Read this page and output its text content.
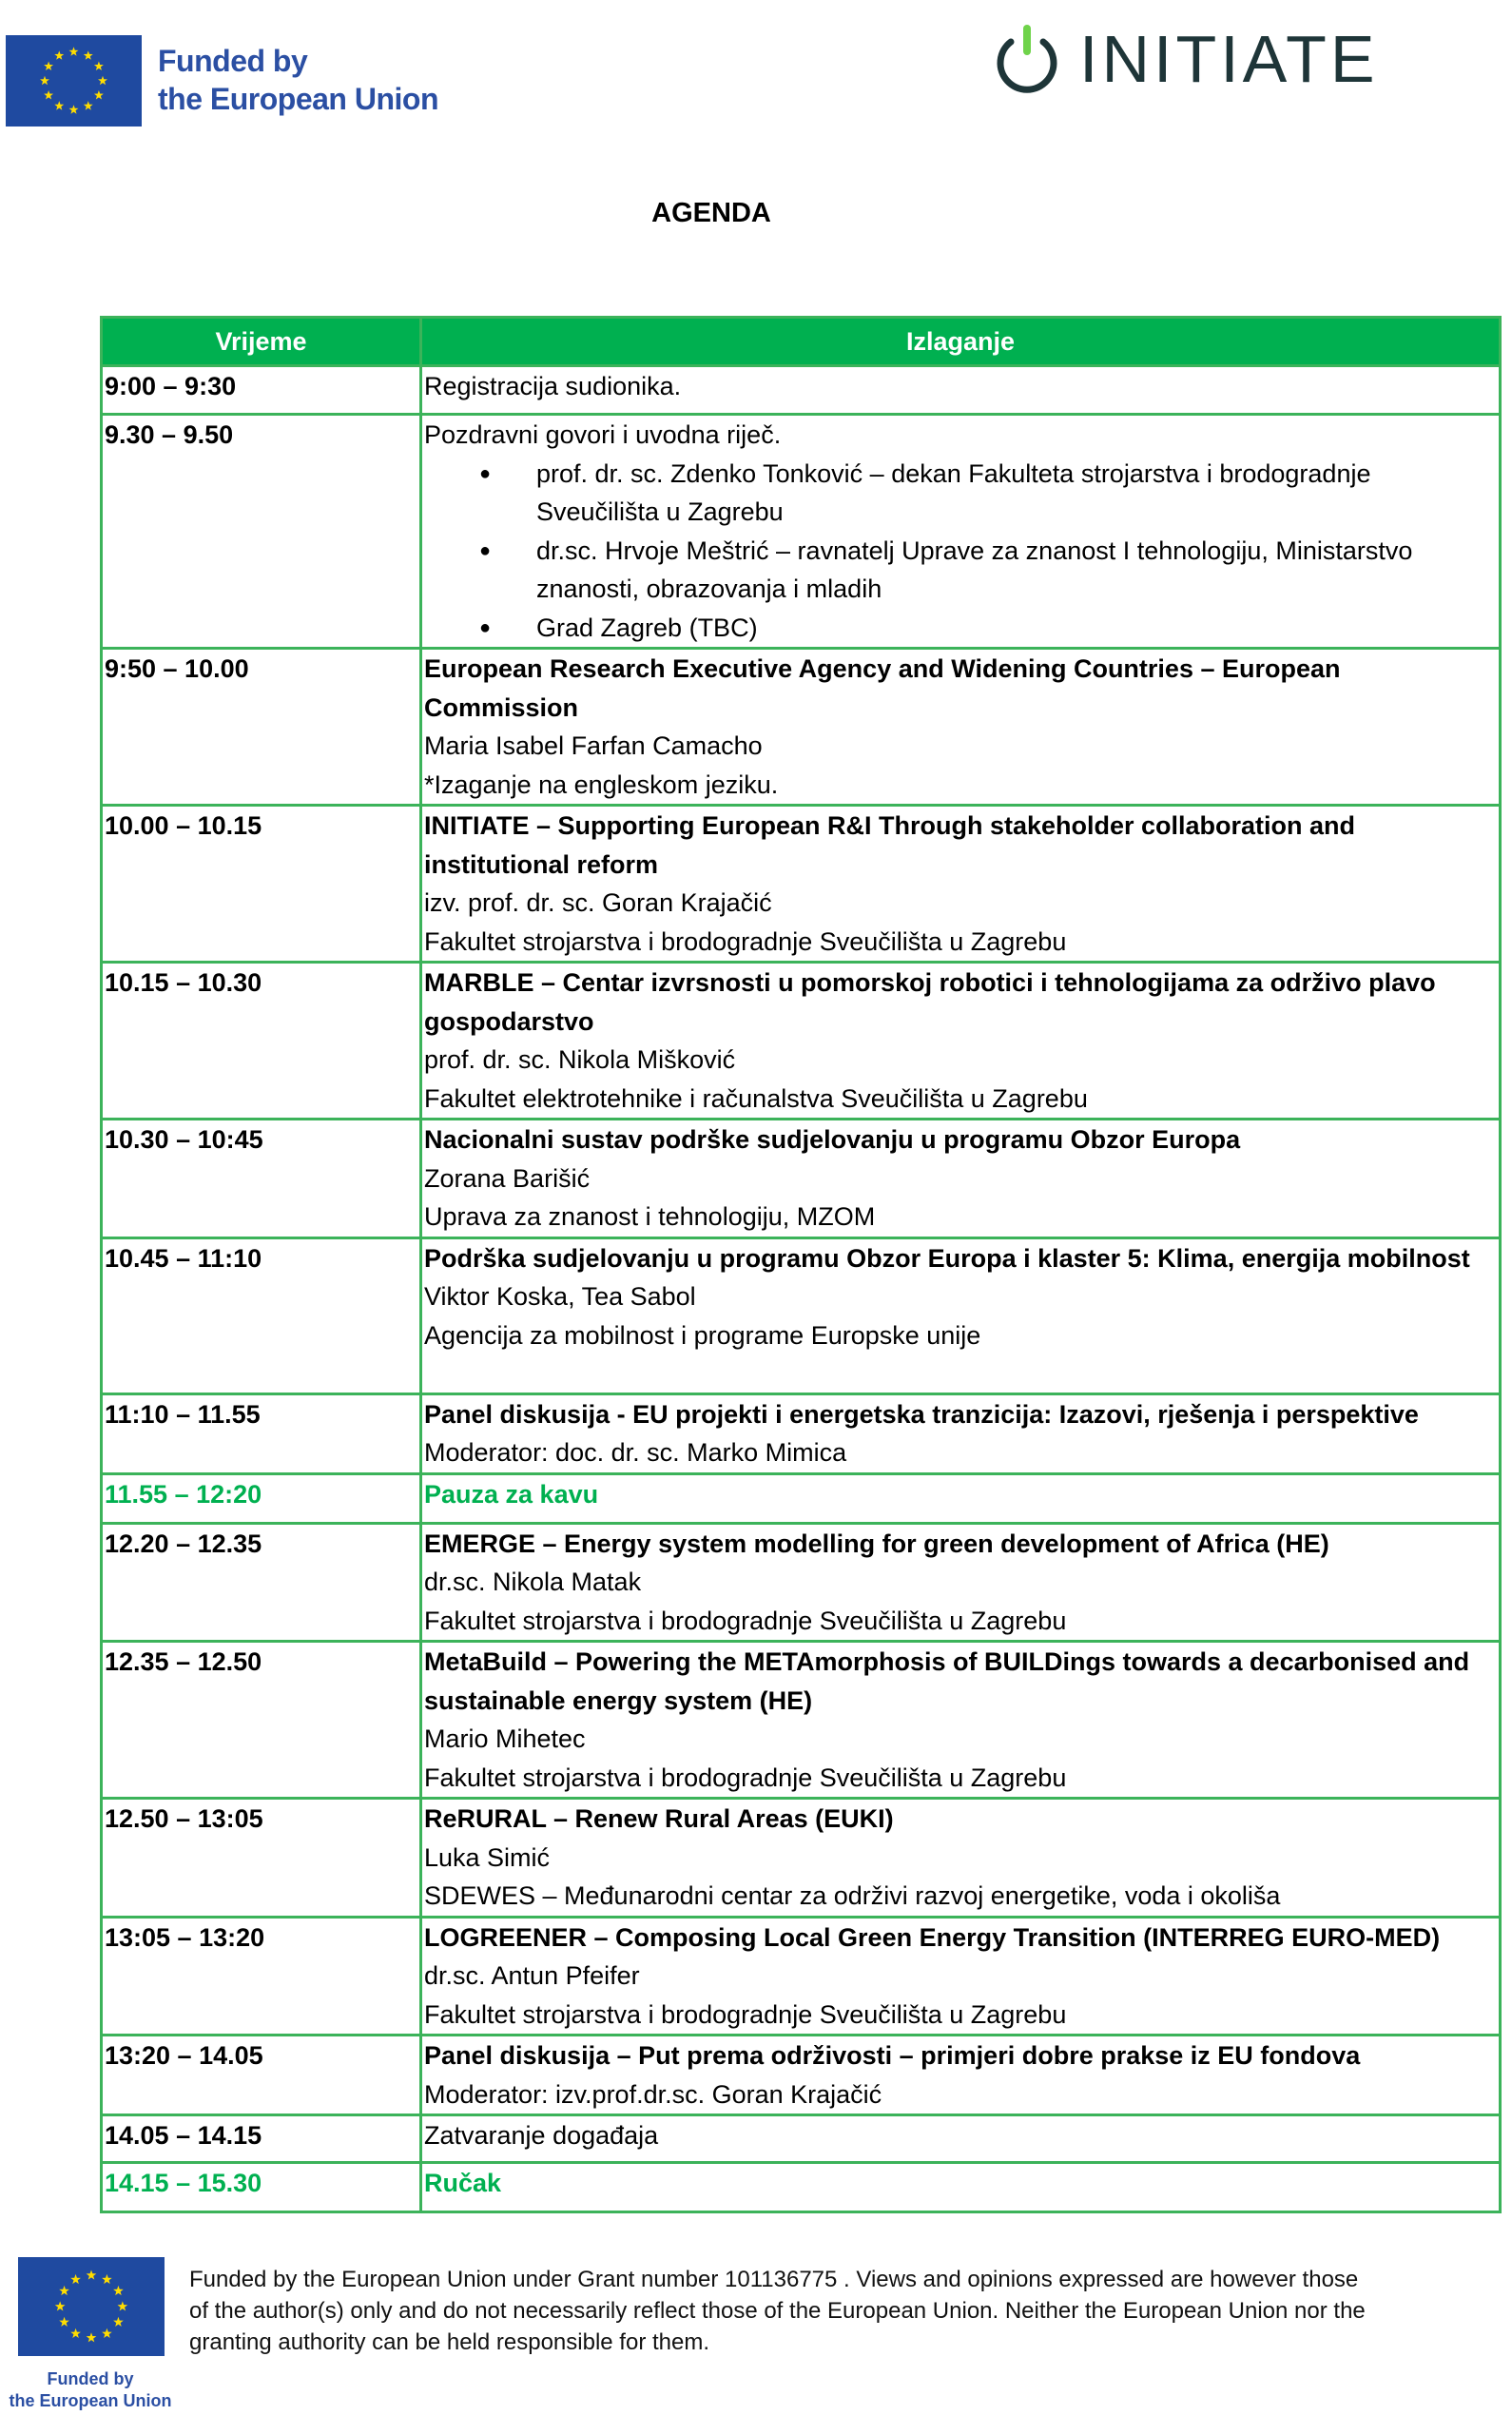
Funded by
the European Union
INITIATE
AGENDA
Vrijeme	Izlaganje
9:00 – 9:30	Registracija sudionika.

9.30 – 9.50	Pozdravni govori i uvodna riječ.
● prof. dr. sc. Zdenko Tonković – dekan Fakulteta strojarstva i brodogradnje Sveučilišta u Zagrebu
● dr.sc. Hrvoje Meštrić – ravnatelj Uprave za znanost I tehnologiju, Ministarstvo znanosti, obrazovanja i mladih
● Grad Zagreb (TBC)

9:50 – 10.00	European Research Executive Agency and Widening Countries – European Commission
Maria Isabel Farfan Camacho
*Izaganje na engleskom jeziku.

10.00 – 10.15	INITIATE – Supporting European R&I Through stakeholder collaboration and institutional reform
izv. prof. dr. sc. Goran Krajačić
Fakultet strojarstva i brodogradnje Sveučilišta u Zagrebu

10.15 – 10.30	MARBLE – Centar izvrsnosti u pomorskoj robotici i tehnologijama za održivo plavo gospodarstvo
prof. dr. sc. Nikola Mišković
Fakultet elektrotehnike i računalstva Sveučilišta u Zagrebu

10.30 – 10:45	Nacionalni sustav podrške sudjelovanju u programu Obzor Europa
Zorana Barišić
Uprava za znanost i tehnologiju, MZOM

10.45 – 11:10	Podrška sudjelovanju u programu Obzor Europa i klaster 5: Klima, energija mobilnost
Viktor Koska, Tea Sabol
Agencija za mobilnost i programe Europske unije

11:10 – 11.55	Panel diskusija - EU projekti i energetska tranzicija: Izazovi, rješenja i perspektive
Moderator: doc. dr. sc. Marko Mimica

11.55 – 12:20	Pauza za kavu

12.20 – 12.35	EMERGE – Energy system modelling for green development of Africa (HE)
dr.sc. Nikola Matak
Fakultet strojarstva i brodogradnje Sveučilišta u Zagrebu

12.35 – 12.50	MetaBuild – Powering the METAmorphosis of BUILDings towards a decarbonised and sustainable energy system (HE)
Mario Mihetec
Fakultet strojarstva i brodogradnje Sveučilišta u Zagrebu

12.50 – 13:05	ReRURAL – Renew Rural Areas (EUKI)
Luka Simić
SDEWES – Međunarodni centar za održivi razvoj energetike, voda i okoliša

13:05 – 13:20	LOGREENER – Composing Local Green Energy Transition (INTERREG EURO-MED)
dr.sc. Antun Pfeifer
Fakultet strojarstva i brodogradnje Sveučilišta u Zagrebu

13:20 – 14.05	Panel diskusija – Put prema održivosti – primjeri dobre prakse iz EU fondova
Moderator: izv.prof.dr.sc. Goran Krajačić

14.05 – 14.15	Zatvaranje događaja

14.15 – 15.30	Ručak
Funded by
the European Union
Funded by the European Union under Grant number 101136775 . Views and opinions expressed are however those of the author(s) only and do not necessarily reflect those of the European Union. Neither the European Union nor the granting authority can be held responsible for them.
